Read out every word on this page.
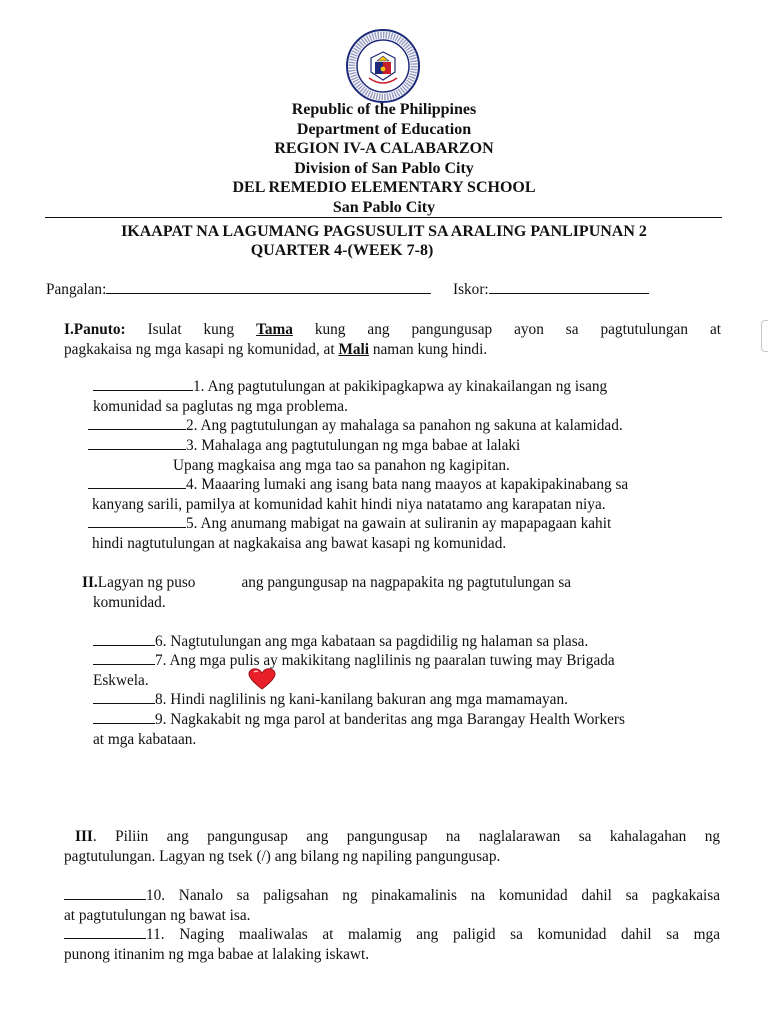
Republic of the Philippines
Department of Education
REGION IV-A CALABARZON
Division of San Pablo City
DEL REMEDIO ELEMENTARY SCHOOL
San Pablo City
IKAAPAT NA LAGUMANG PAGSUSULIT SA ARALING PANLIPUNAN 2
QUARTER 4-(WEEK 7-8)
Pangalan:	Iskor:
I.Panuto: Isulat kung Tama kung ang pangungusap ayon sa pagtutulungan at
pagkakaisa ng mga kasapi ng komunidad, at Mali naman kung hindi.
1. Ang pagtutulungan at pakikipagkapwa ay kinakailangan ng isang
komunidad sa paglutas ng mga problema.
2. Ang pagtutulungan ay mahalaga sa panahon ng sakuna at kalamidad.
3. Mahalaga ang pagtutulungan ng mga babae at lalaki
Upang magkaisa ang mga tao sa panahon ng kagipitan.
4. Maaaring lumaki ang isang bata nang maayos at kapakipakinabang sa
kanyang sarili, pamilya at komunidad kahit hindi niya natatamo ang karapatan niya.
5. Ang anumang mabigat na gawain at suliranin ay mapapagaan kahit
hindi nagtutulungan at nagkakaisa ang bawat kasapi ng komunidad.
II.Lagyan ng puso	ang pangungusap na nagpapakita ng pagtutulungan sa
komunidad.
6. Nagtutulungan ang mga kabataan sa pagdidilig ng halaman sa plasa.
7. Ang mga pulis ay makikitang naglilinis ng paaralan tuwing may Brigada
Eskwela.
8. Hindi naglilinis ng kani-kanilang bakuran ang mga mamamayan.
9. Nagkakabit ng mga parol at banderitas ang mga Barangay Health Workers
at mga kabataan.
III. Piliin ang pangungusap ang pangungusap na naglalarawan sa kahalagahan ng
pagtutulungan. Lagyan ng tsek (/) ang bilang ng napiling pangungusap.
10. Nanalo sa paligsahan ng pinakamalinis na komunidad dahil sa pagkakaisa
at pagtutulungan ng bawat isa.
11. Naging maaliwalas at malamig ang paligid sa komunidad dahil sa mga
punong itinanim ng mga babae at lalaking iskawt.
